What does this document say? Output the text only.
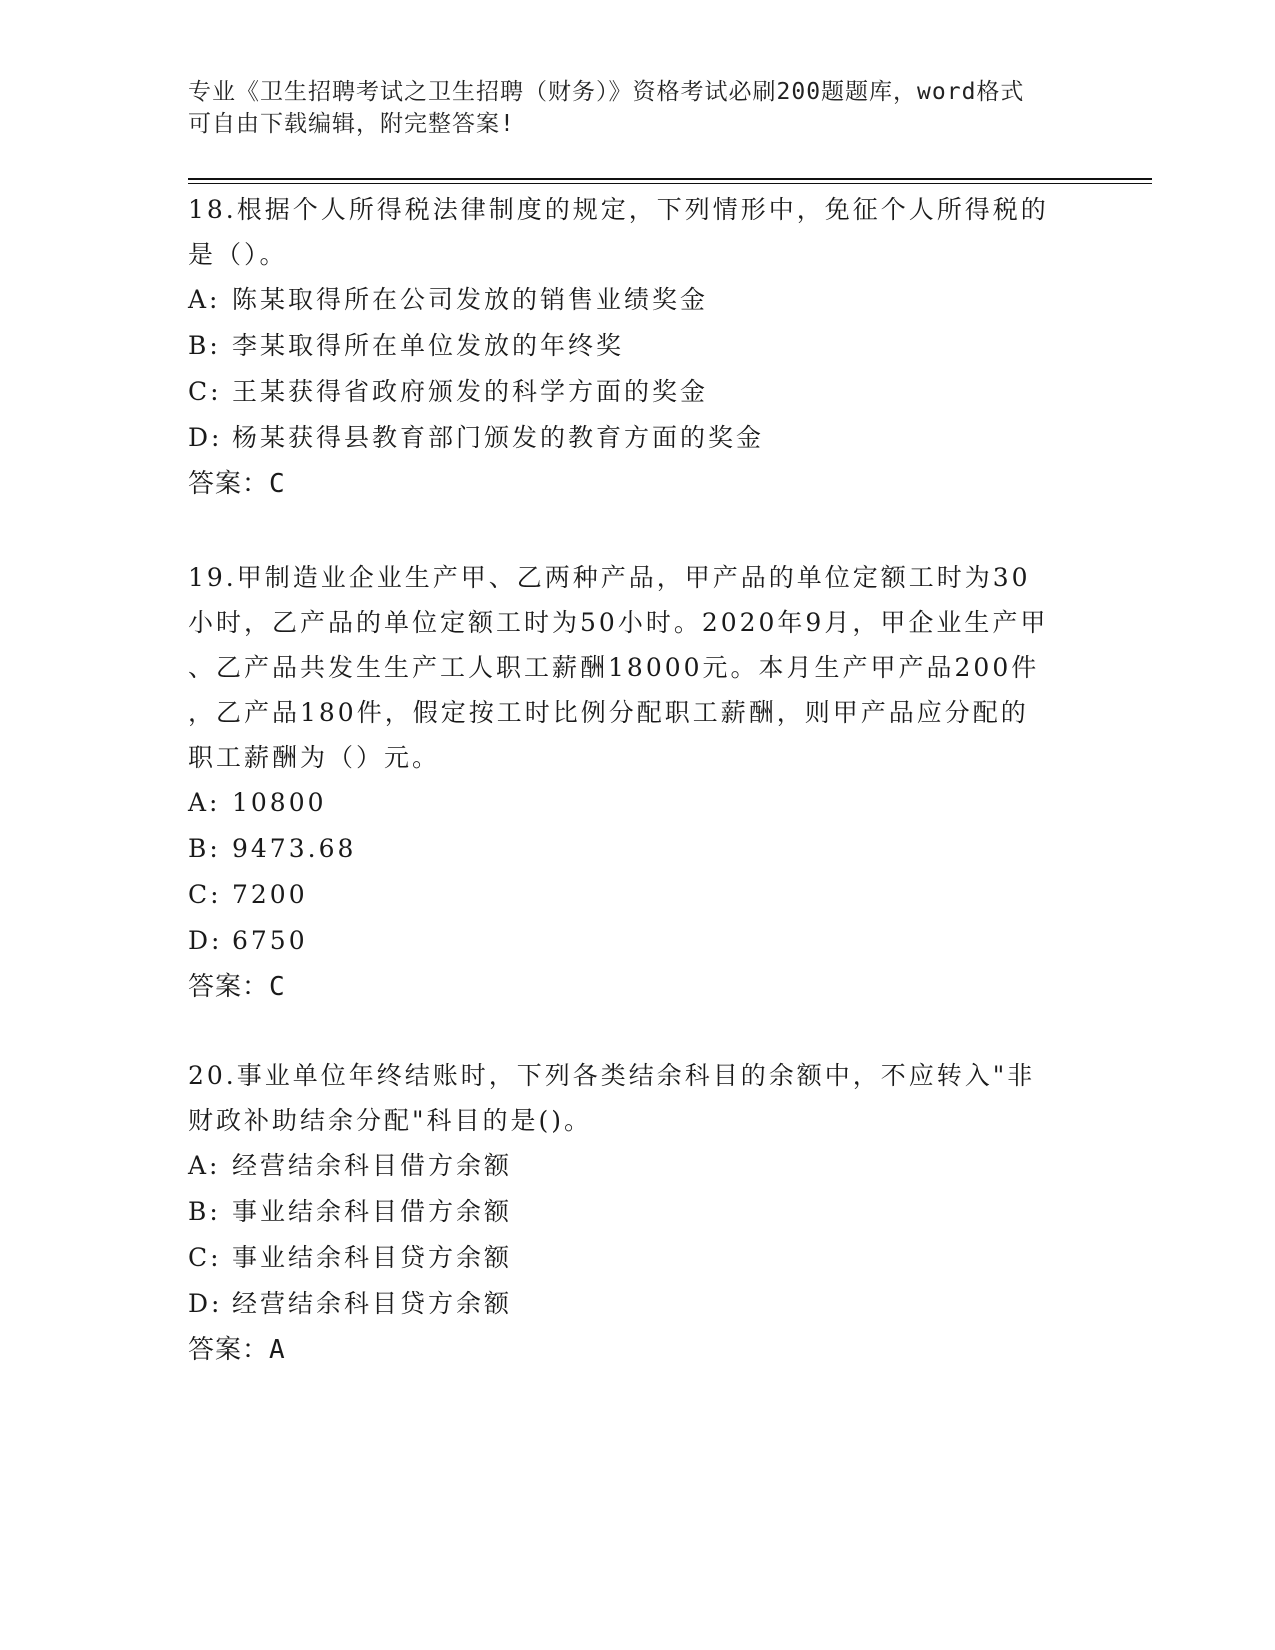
专业《卫生招聘考试之卫生招聘（财务）》资格考试必刷200题题库，word格式
可自由下载编辑，附完整答案!
18.根据个人所得税法律制度的规定，下列情形中，免征个人所得税的
是（）。
A: 陈某取得所在公司发放的销售业绩奖金
B: 李某取得所在单位发放的年终奖
C: 王某获得省政府颁发的科学方面的奖金
D: 杨某获得县教育部门颁发的教育方面的奖金
答案：C
19.甲制造业企业生产甲、乙两种产品，甲产品的单位定额工时为30
小时，乙产品的单位定额工时为50小时。2020年9月，甲企业生产甲
、乙产品共发生生产工人职工薪酬18000元。本月生产甲产品200件
，乙产品180件，假定按工时比例分配职工薪酬，则甲产品应分配的
职工薪酬为（）元。
A: 10800
B: 9473.68
C: 7200
D: 6750
答案：C
20.事业单位年终结账时，下列各类结余科目的余额中，不应转入"非
财政补助结余分配"科目的是()。
A: 经营结余科目借方余额
B: 事业结余科目借方余额
C: 事业结余科目贷方余额
D: 经营结余科目贷方余额
答案：A
